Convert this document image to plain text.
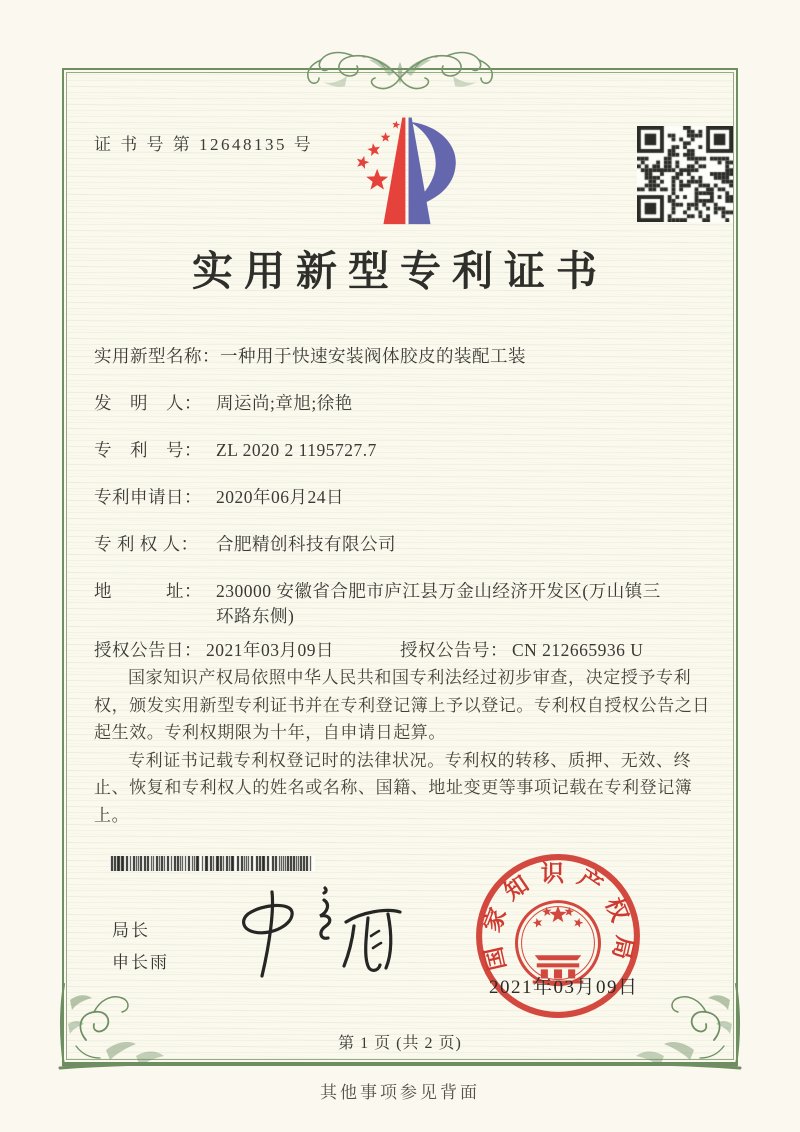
证 书 号 第 12648135 号
实用新型专利证书
实用新型名称： 一种用于快速安装阀体胶皮的装配工装
发　明　人： 周运尚;章旭;徐艳
专　利　号： ZL 2020 2 1195727.7
专利申请日： 2020年06月24日
专 利 权 人： 合肥精创科技有限公司
地　　　址： 230000 安徽省合肥市庐江县万金山经济开发区(万山镇三环路东侧)
授权公告日： 2021年03月09日	授权公告号： CN 212665936 U

国家知识产权局依照中华人民共和国专利法经过初步审查，决定授予专利权，颁发实用新型专利证书并在专利登记簿上予以登记。专利权自授权公告之日起生效。专利权期限为十年，自申请日起算。

专利证书记载专利权登记时的法律状况。专利权的转移、质押、无效、终止、恢复和专利权人的姓名或名称、国籍、地址变更等事项记载在专利登记簿上。

局长
申长雨	国家知识产权局
2021年03月09日
第 1 页 (共 2 页)
其他事项参见背面
